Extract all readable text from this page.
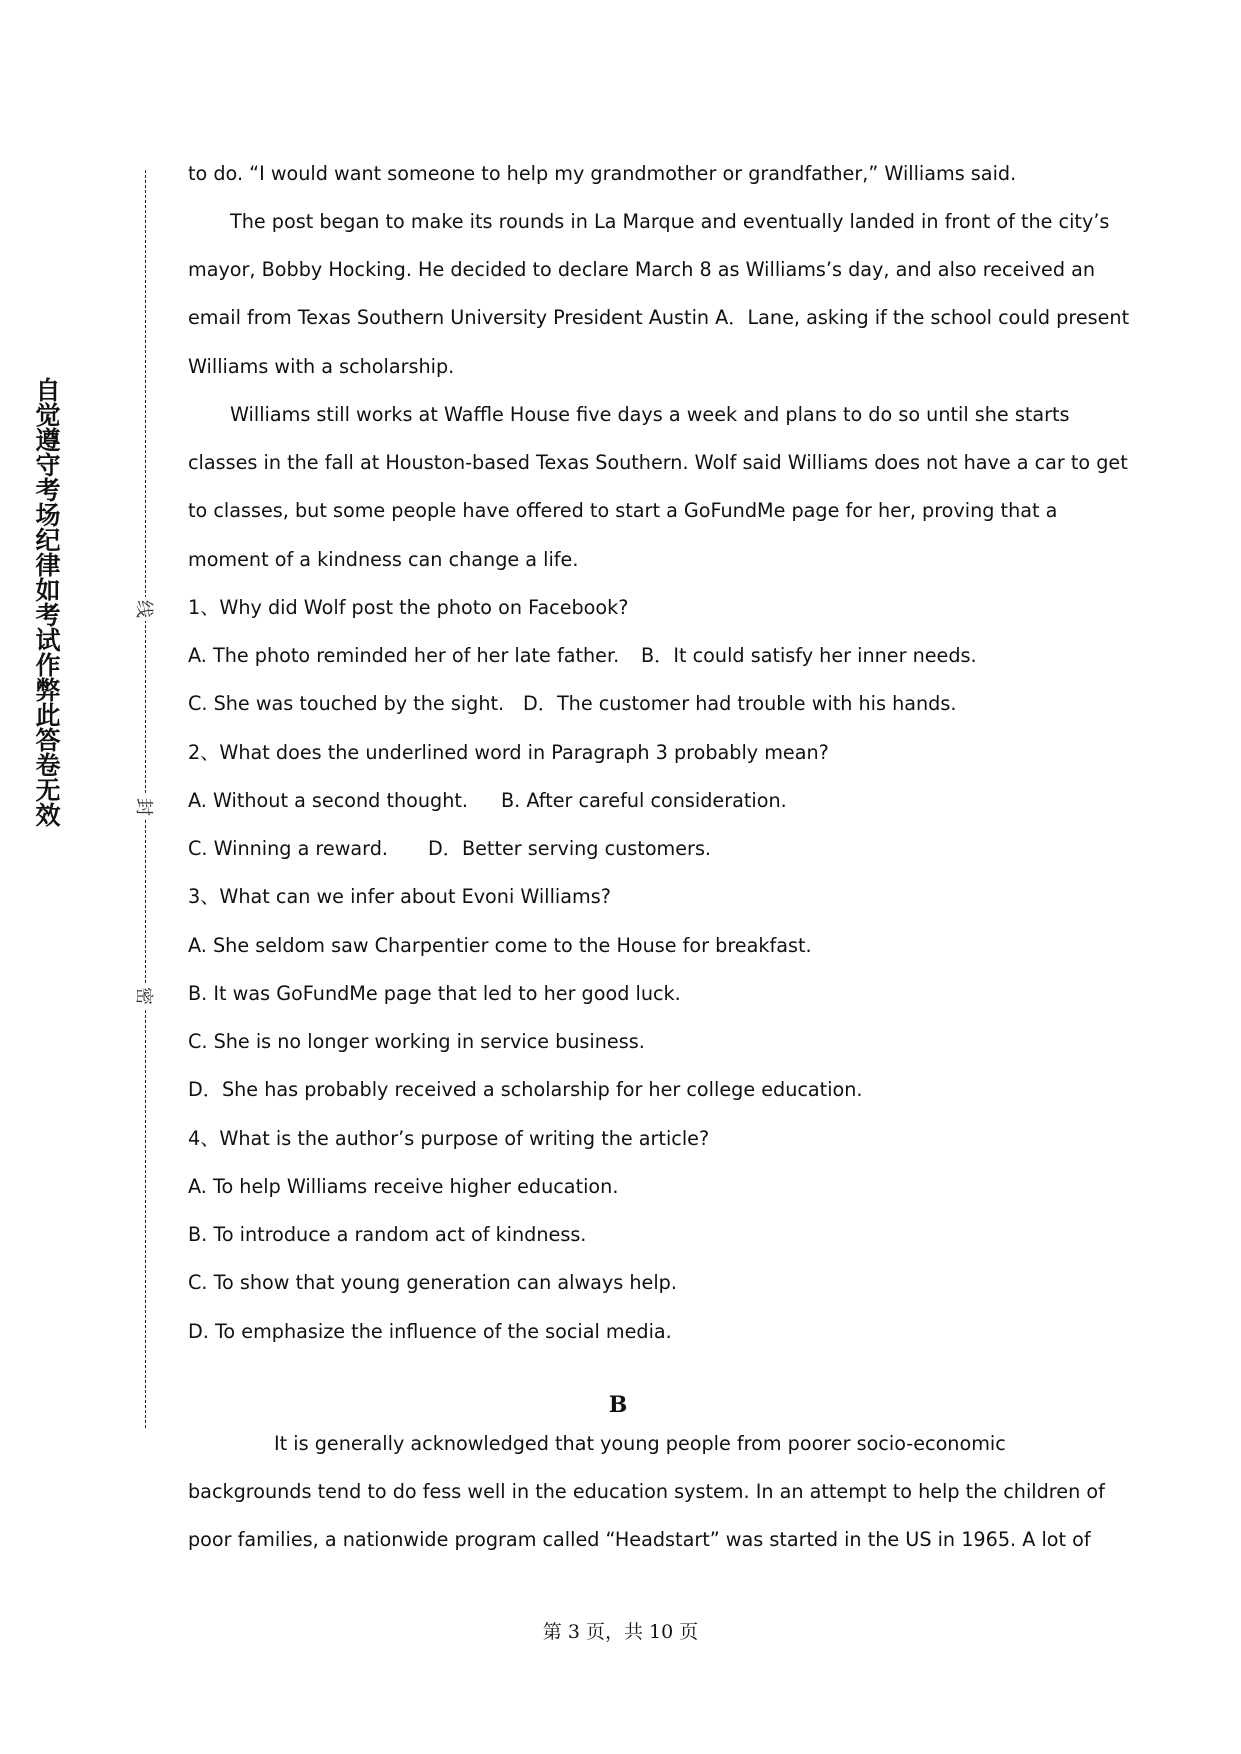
自
觉
遵
守
考
场
纪
律
如
考
试
作
弊
此
答
卷
无
效
线
封
密
to do. “I would want someone to help my grandmother or grandfather,” Williams said.
The post began to make its rounds in La Marque and eventually landed in front of the city’s
mayor, Bobby Hocking. He decided to declare March 8 as Williams’s day, and also received an
email from Texas Southern University President Austin A．Lane, asking if the school could present
Williams with a scholarship.
Williams still works at Waffle House five days a week and plans to do so until she starts
classes in the fall at Houston-based Texas Southern. Wolf said Williams does not have a car to get
to classes, but some people have offered to start a GoFundMe page for her, proving that a
moment of a kindness can change a life.
1、Why did Wolf post the photo on Facebook?
A. The photo reminded her of her late father. B．It could satisfy her inner needs.
C. She was touched by the sight. D．The customer had trouble with his hands.
2、What does the underlined word in Paragraph 3 probably mean?
A. Without a second thought. B. After careful consideration.
C. Winning a reward. D．Better serving customers.
3、What can we infer about Evoni Williams?
A. She seldom saw Charpentier come to the House for breakfast.
B. It was GoFundMe page that led to her good luck.
C. She is no longer working in service business.
D．She has probably received a scholarship for her college education.
4、What is the author’s purpose of writing the article?
A. To help Williams receive higher education.
B. To introduce a random act of kindness.
C. To show that young generation can always help.
D. To emphasize the influence of the social media.
B
It is generally acknowledged that young people from poorer socio-economic
backgrounds tend to do fess well in the education system. In an attempt to help the children of
poor families, a nationwide program called “Headstart” was started in the US in 1965. A lot of
第 3 页，共 10 页
